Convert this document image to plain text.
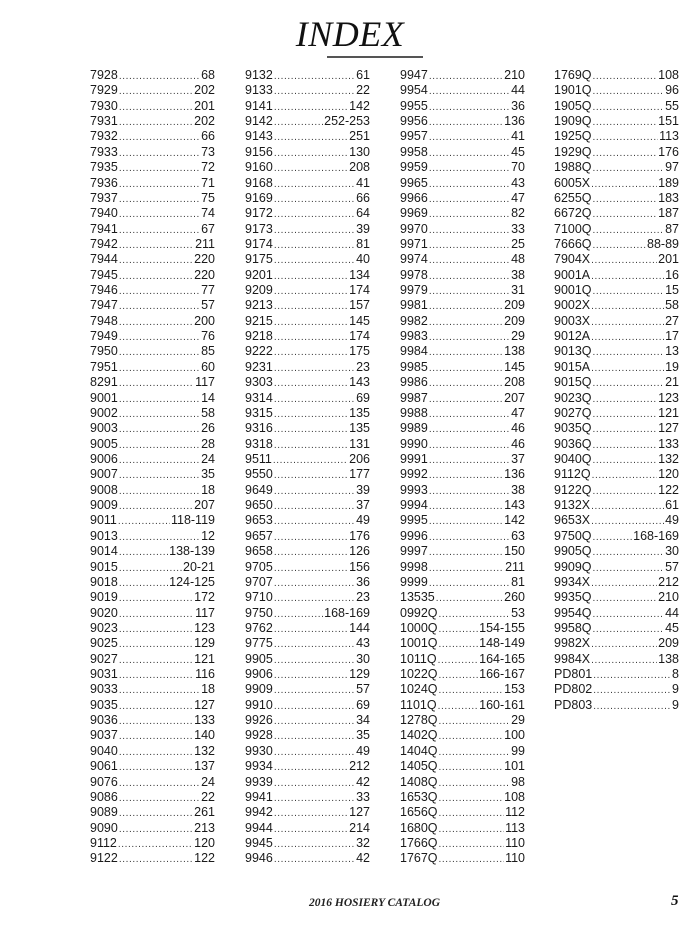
INDEX
7928 .....	68
7929 .....	202
7930 .....	201
7931 .....	202
7932 .....	66
7933 .....	73
7935 .....	72
7936 .....	71
7937 .....	75
7940 .....	74
7941 .....	67
7942 .....	211
7944 .....	220
7945 .....	220
7946 .....	77
7947 .....	57
7948 .....	200
7949 .....	76
7950 .....	85
7951 .....	60
8291 .....	117
9001 .....	14
9002 .....	58
9003 .....	26
9005 .....	28
9006 .....	24
9007 .....	35
9008 .....	18
9009 .....	207
9011 .....	118-119
9013 .....	12
9014 .....	138-139
9015 .....	20-21
9018 .....	124-125
9019 .....	172
9020 .....	117
9023 .....	123
9025 .....	129
9027 .....	121
9031 .....	116
9033 .....	18
9035 .....	127
9036 .....	133
9037 .....	140
9040 .....	132
9061 .....	137
9076 .....	24
9086 .....	22
9089 .....	261
9090 .....	213
9112 .....	120
9122 .....	122
9132 .....	61
9133 .....	22
9141 .....	142
9142 .....	252-253
9143 .....	251
9156 .....	130
9160 .....	208
9168 .....	41
9169 .....	66
9172 .....	64
9173 .....	39
9174 .....	81
9175 .....	40
9201 .....	134
9209 .....	174
9213 .....	157
9215 .....	145
9218 .....	174
9222 .....	175
9231 .....	23
9303 .....	143
9314 .....	69
9315 .....	135
9316 .....	135
9318 .....	131
9511 .....	206
9550 .....	177
9649 .....	39
9650 .....	37
9653 .....	49
9657 .....	176
9658 .....	126
9705 .....	156
9707 .....	36
9710 .....	23
9750 .....	168-169
9762 .....	144
9775 .....	43
9905 .....	30
9906 .....	129
9909 .....	57
9910 .....	69
9926 .....	34
9928 .....	35
9930 .....	49
9934 .....	212
9939 .....	42
9941 .....	33
9942 .....	127
9944 .....	214
9945 .....	32
9946 .....	42
9947 .....	210
9954 .....	44
9955 .....	36
9956 .....	136
9957 .....	41
9958 .....	45
9959 .....	70
9965 .....	43
9966 .....	47
9969 .....	82
9970 .....	33
9971 .....	25
9974 .....	48
9978 .....	38
9979 .....	31
9981 .....	209
9982 .....	209
9983 .....	29
9984 .....	138
9985 .....	145
9986 .....	208
9987 .....	207
9988 .....	47
9989 .....	46
9990 .....	46
9991 .....	37
9992 .....	136
9993 .....	38
9994 .....	143
9995 .....	142
9996 .....	63
9997 .....	150
9998 .....	211
9999 .....	81
13535 .....	260
0992Q .....	53
1000Q .....	154-155
1001Q .....	148-149
1011Q .....	164-165
1022Q .....	166-167
1024Q .....	153
1101Q .....	160-161
1278Q .....	29
1402Q .....	100
1404Q .....	99
1405Q .....	101
1408Q .....	98
1653Q .....	108
1656Q .....	112
1680Q .....	113
1766Q .....	110
1767Q .....	110
1769Q .....	108
1901Q .....	96
1905Q .....	55
1909Q .....	151
1925Q .....	113
1929Q .....	176
1988Q .....	97
6005X .....	189
6255Q .....	183
6672Q .....	187
7100Q .....	87
7666Q .....	88-89
7904X .....	201
9001A .....	16
9001Q .....	15
9002X .....	58
9003X .....	27
9012A .....	17
9013Q .....	13
9015A .....	19
9015Q .....	21
9023Q .....	123
9027Q .....	121
9035Q .....	127
9036Q .....	133
9040Q .....	132
9112Q .....	120
9122Q .....	122
9132X .....	61
9653X .....	49
9750Q .....	168-169
9905Q .....	30
9909Q .....	57
9934X .....	212
9935Q .....	210
9954Q .....	44
9958Q .....	45
9982X .....	209
9984X .....	138
PD801 .....	8
PD802 .....	9
PD803 .....	9
2016 HOSIERY CATALOG	5
